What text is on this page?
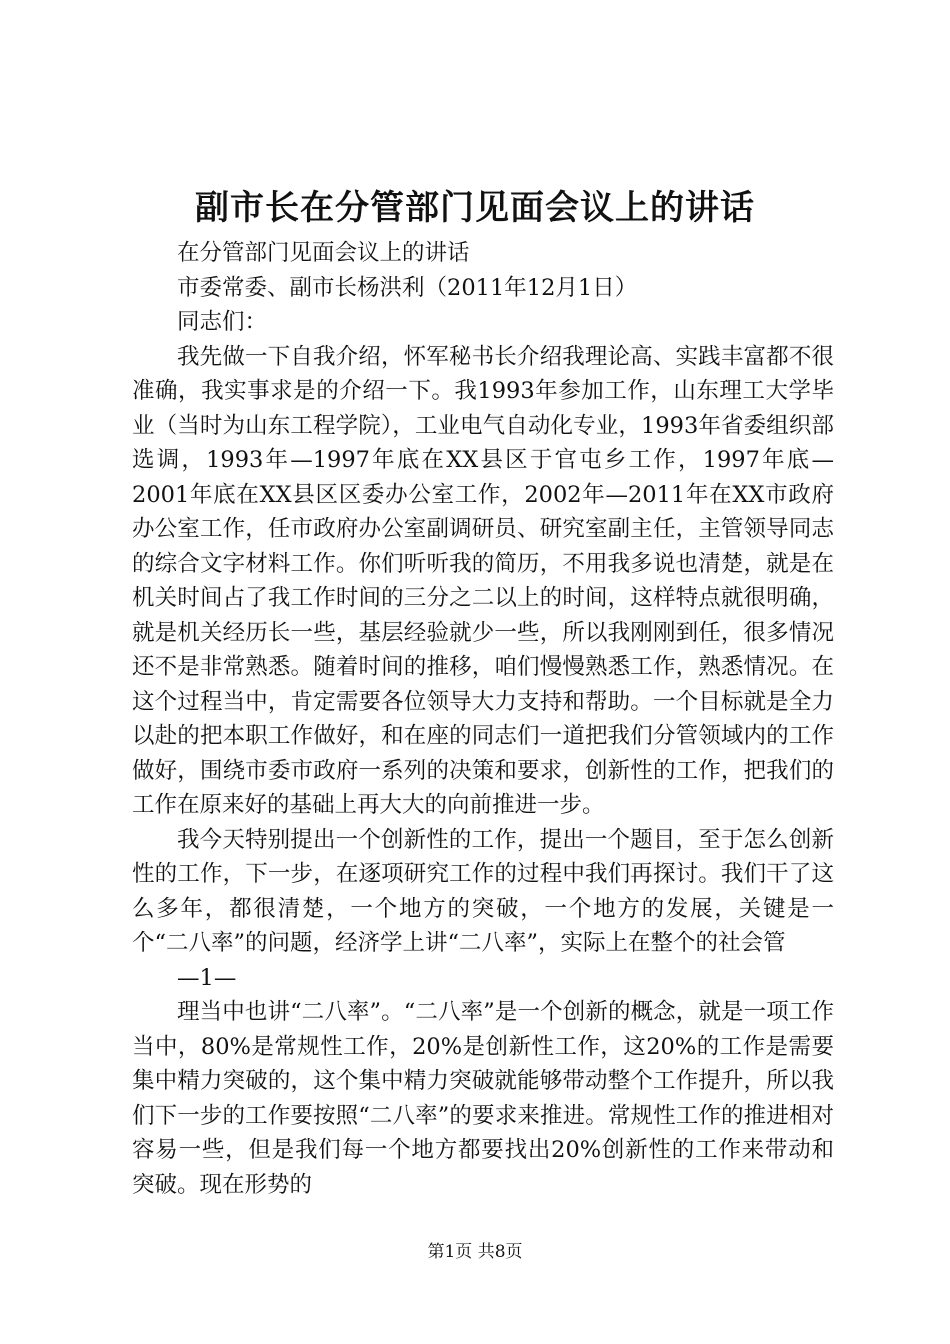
副市长在分管部门见面会议上的讲话

在分管部门见面会议上的讲话

市委常委、副市长杨洪利（2011年12月1日）

同志们：

我先做一下自我介绍，怀军秘书长介绍我理论高、实践丰富都不很准确，我实事求是的介绍一下。我1993年参加工作，山东理工大学毕业（当时为山东工程学院），工业电气自动化专业，1993年省委组织部选调，1993年—1997年底在XX县区于官屯乡工作，1997年底—2001年底在XX县区区委办公室工作，2002年—2011年在XX市政府办公室工作，任市政府办公室副调研员、研究室副主任，主管领导同志的综合文字材料工作。你们听听我的简历，不用我多说也清楚，就是在机关时间占了我工作时间的三分之二以上的时间，这样特点就很明确，就是机关经历长一些，基层经验就少一些，所以我刚刚到任，很多情况还不是非常熟悉。随着时间的推移，咱们慢慢熟悉工作，熟悉情况。在这个过程当中，肯定需要各位领导大力支持和帮助。一个目标就是全力以赴的把本职工作做好，和在座的同志们一道把我们分管领域内的工作做好，围绕市委市政府一系列的决策和要求，创新性的工作，把我们的工作在原来好的基础上再大大的向前推进一步。

我今天特别提出一个创新性的工作，提出一个题目，至于怎么创新性的工作，下一步，在逐项研究工作的过程中我们再探讨。我们干了这么多年，都很清楚，一个地方的突破，一个地方的发展，关键是一个“二八率”的问题，经济学上讲“二八率”，实际上在整个的社会管

—1—

理当中也讲“二八率”。“二八率”是一个创新的概念，就是一项工作当中，80%是常规性工作，20%是创新性工作，这20%的工作是需要集中精力突破的，这个集中精力突破就能够带动整个工作提升，所以我们下一步的工作要按照“二八率”的要求来推进。常规性工作的推进相对容易一些，但是我们每一个地方都要找出20%创新性的工作来带动和突破。现在形势的

第1页 共8页
